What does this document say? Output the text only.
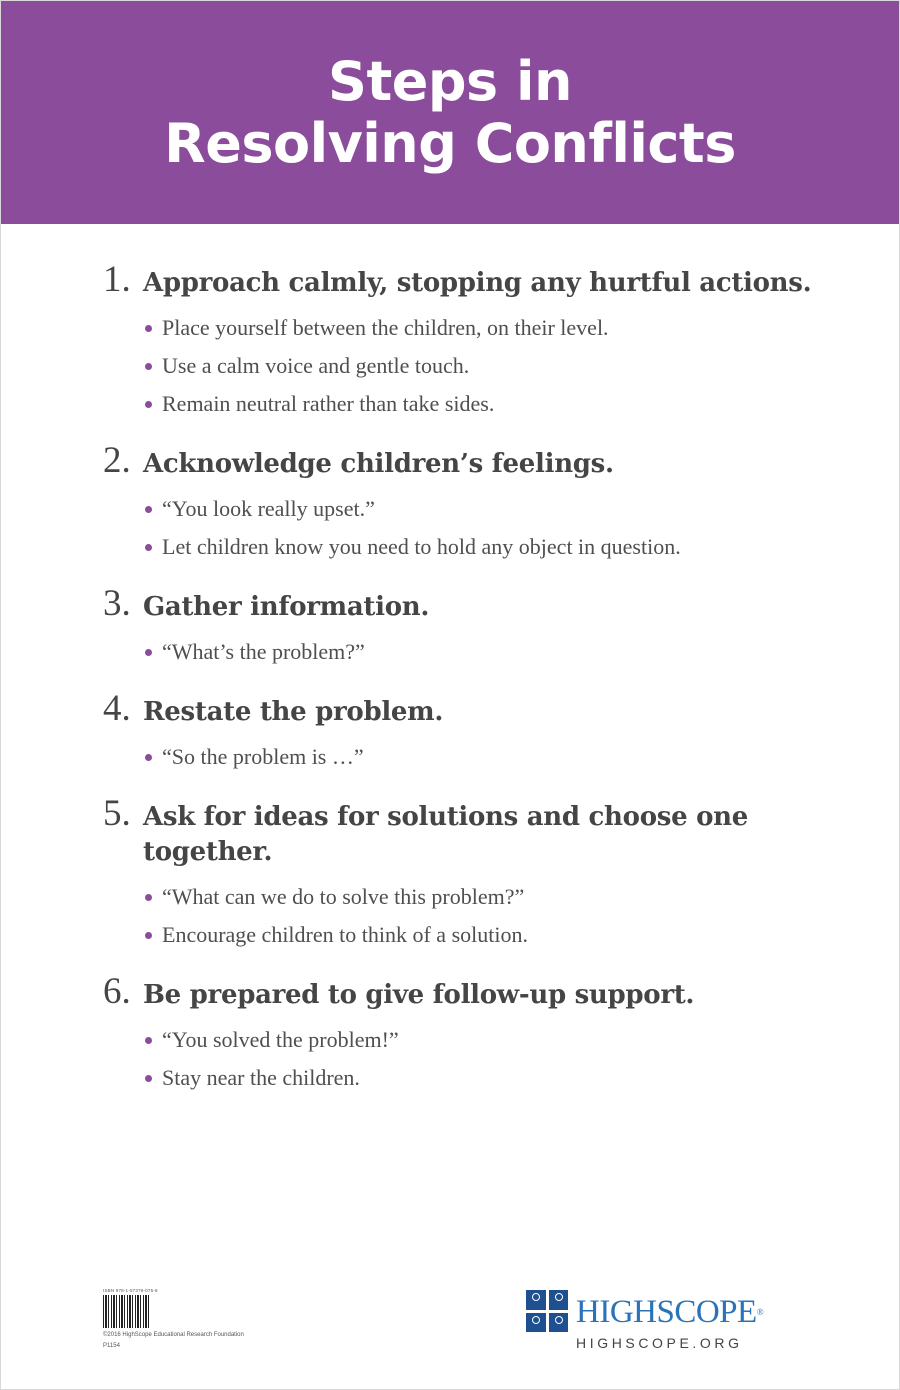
Steps in
Resolving Conflicts
1. Approach calmly, stopping any hurtful actions.
Place yourself between the children, on their level.
Use a calm voice and gentle touch.
Remain neutral rather than take sides.
2. Acknowledge children’s feelings.
“You look really upset.”
Let children know you need to hold any object in question.
3. Gather information.
“What’s the problem?”
4. Restate the problem.
“So the problem is …”
5. Ask for ideas for solutions and choose one together.
“What can we do to solve this problem?”
Encourage children to think of a solution.
6. Be prepared to give follow-up support.
“You solved the problem!”
Stay near the children.
ISBN 978-1-57379-075-8
©2016 HighScope Educational Research Foundation
P1154
HIGHSCOPE®
HIGHSCOPE.ORG
